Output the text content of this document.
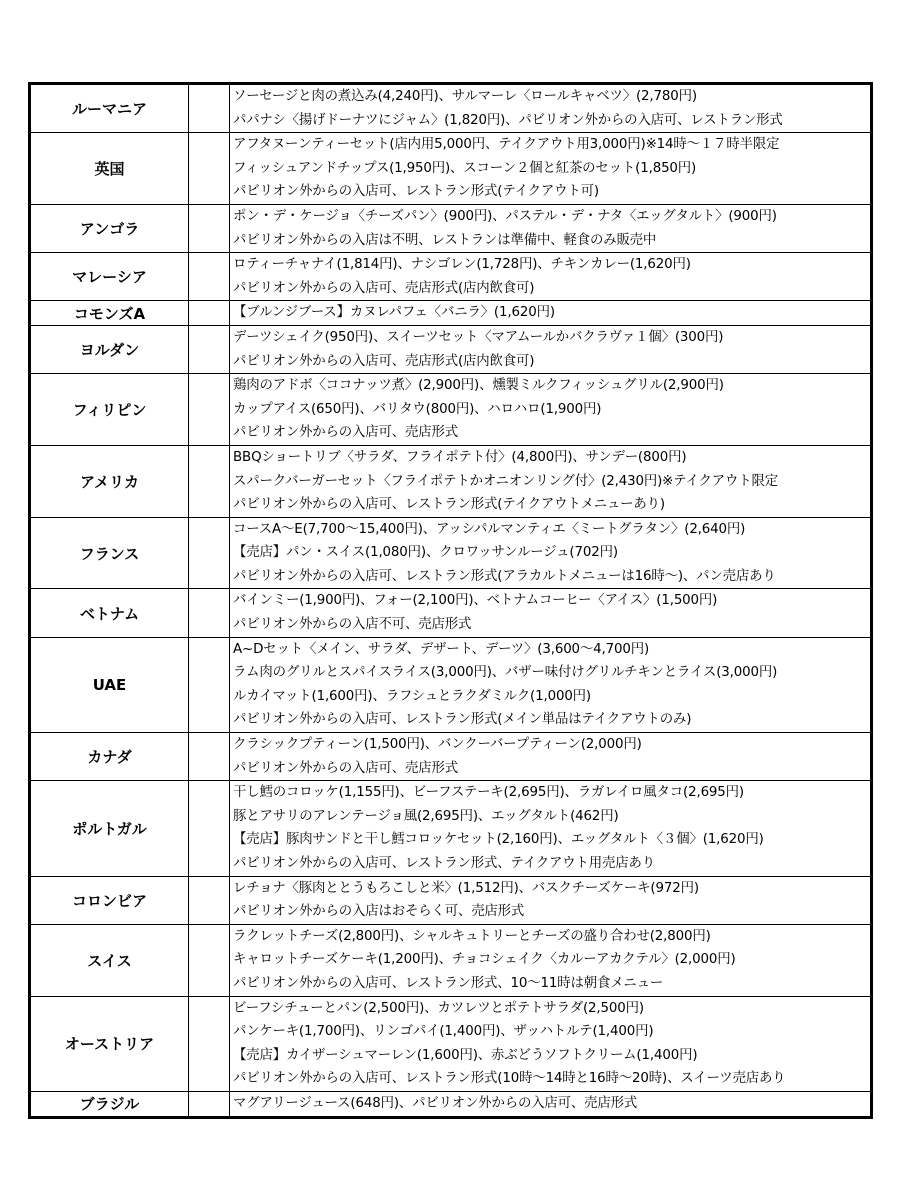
ルーマニア		ソーセージと肉の煮込み(4,240円)、サルマーレ〈ロールキャベツ〉(2,780円)
パパナシ〈揚げドーナツにジャム〉(1,820円)、パビリオン外からの入店可、レストラン形式

英国		アフタヌーンティーセット(店内用5,000円、テイクアウト用3,000円)※14時～１７時半限定
フィッシュアンドチップス(1,950円)、スコーン２個と紅茶のセット(1,850円)
パビリオン外からの入店可、レストラン形式(テイクアウト可)

アンゴラ		ポン・デ・ケージョ〈チーズパン〉(900円)、パステル・デ・ナタ〈エッグタルト〉(900円)
パビリオン外からの入店は不明、レストランは準備中、軽食のみ販売中

マレーシア		ロティーチャナイ(1,814円)、ナシゴレン(1,728円)、チキンカレー(1,620円)
パビリオン外からの入店可、売店形式(店内飲食可)

コモンズA		【ブルンジブース】カヌレパフェ〈バニラ〉(1,620円)

ヨルダン		デーツシェイク(950円)、スイーツセット〈マアムールかバクラヴァ１個〉(300円)
パビリオン外からの入店可、売店形式(店内飲食可)

フィリピン		鶏肉のアドボ〈ココナッツ煮〉(2,900円)、燻製ミルクフィッシュグリル(2,900円)
カップアイス(650円)、バリタウ(800円)、ハロハロ(1,900円)
パビリオン外からの入店可、売店形式

アメリカ		BBQショートリブ〈サラダ、フライポテト付〉(4,800円)、サンデー(800円)
スパークバーガーセット〈フライポテトかオニオンリング付〉(2,430円)※テイクアウト限定
パビリオン外からの入店可、レストラン形式(テイクアウトメニューあり)

フランス		コースA～E(7,700～15,400円)、アッシパルマンティエ〈ミートグラタン〉(2,640円)
【売店】パン・スイス(1,080円)、クロワッサンルージュ(702円)
パビリオン外からの入店可、レストラン形式(アラカルトメニューは16時～)、パン売店あり

ベトナム		バインミー(1,900円)、フォー(2,100円)、ベトナムコーヒー〈アイス〉(1,500円)
パビリオン外からの入店不可、売店形式

UAE		A~Dセット〈メイン、サラダ、デザート、デーツ〉(3,600～4,700円)
ラム肉のグリルとスパイスライス(3,000円)、バザー味付けグリルチキンとライス(3,000円)
ルカイマット(1,600円)、ラフシュとラクダミルク(1,000円)
パビリオン外からの入店可、レストラン形式(メイン単品はテイクアウトのみ)

カナダ		クラシックプティーン(1,500円)、バンクーバープティーン(2,000円)
パビリオン外からの入店可、売店形式

ポルトガル		干し鱈のコロッケ(1,155円)、ビーフステーキ(2,695円)、ラガレイロ風タコ(2,695円)
豚とアサリのアレンテージョ風(2,695円)、エッグタルト(462円)
【売店】豚肉サンドと干し鱈コロッケセット(2,160円)、エッグタルト〈３個〉(1,620円)
パビリオン外からの入店可、レストラン形式、テイクアウト用売店あり

コロンビア		レチョナ〈豚肉ととうもろこしと米〉(1,512円)、バスクチーズケーキ(972円)
パビリオン外からの入店はおそらく可、売店形式

スイス		ラクレットチーズ(2,800円)、シャルキュトリーとチーズの盛り合わせ(2,800円)
キャロットチーズケーキ(1,200円)、チョコシェイク〈カルーアカクテル〉(2,000円)
パビリオン外からの入店可、レストラン形式、10～11時は朝食メニュー

オーストリア		ビーフシチューとパン(2,500円)、カツレツとポテトサラダ(2,500円)
パンケーキ(1,700円)、リンゴパイ(1,400円)、ザッハトルテ(1,400円)
【売店】カイザーシュマーレン(1,600円)、赤ぶどうソフトクリーム(1,400円)
パビリオン外からの入店可、レストラン形式(10時～14時と16時～20時)、スイーツ売店あり

ブラジル		マグアリージュース(648円)、パビリオン外からの入店可、売店形式
